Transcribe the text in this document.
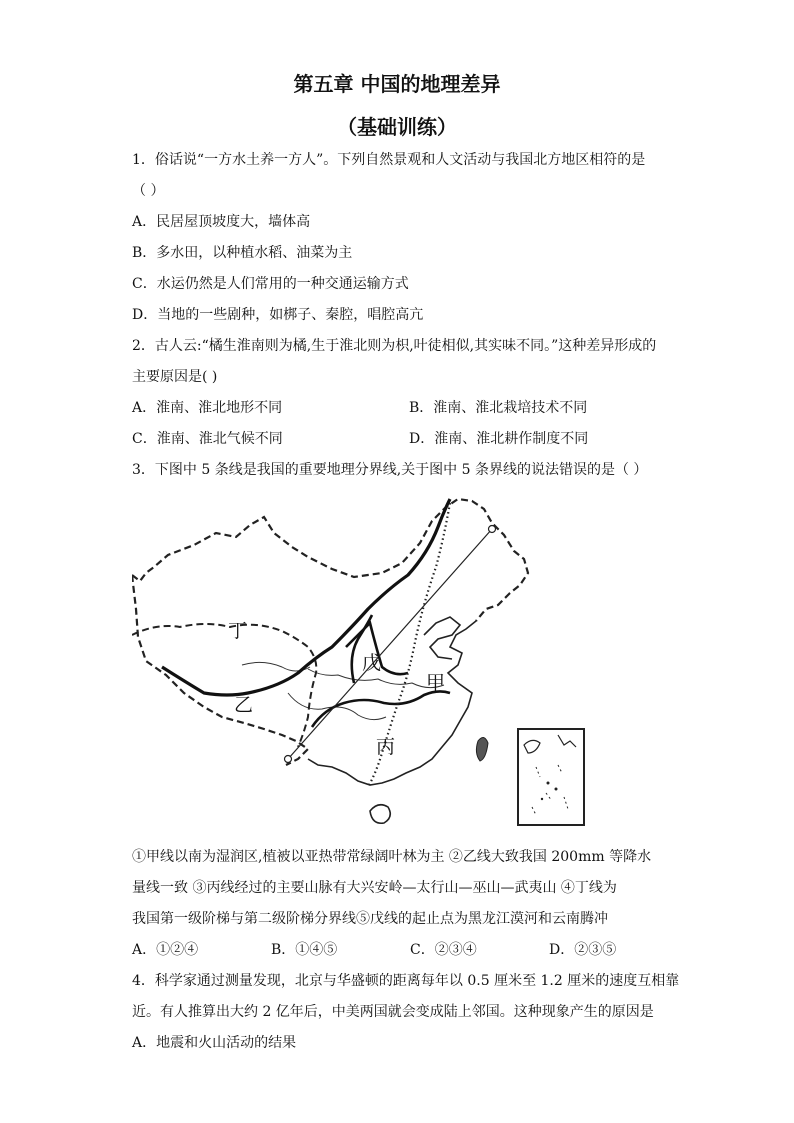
第五章 中国的地理差异
（基础训练）
1．俗话说“一方水土养一方人”。下列自然景观和人文活动与我国北方地区相符的是
（ ）
A．民居屋顶坡度大，墙体高
B．多水田，以种植水稻、油菜为主
C．水运仍然是人们常用的一种交通运输方式
D．当地的一些剧种，如梆子、秦腔，唱腔高亢
2．古人云:“橘生淮南则为橘,生于淮北则为枳,叶徒相似,其实味不同。”这种差异形成的
主要原因是( )
A．淮南、淮北地形不同	B．淮南、淮北栽培技术不同
C．淮南、淮北气候不同	D．淮南、淮北耕作制度不同
3．下图中 5 条线是我国的重要地理分界线,关于图中 5 条界线的说法错误的是（ ）
丁
戊
甲
乙
丙
①甲线以南为湿润区,植被以亚热带常绿阔叶林为主 ②乙线大致我国 200mm 等降水
量线一致 ③丙线经过的主要山脉有大兴安岭—太行山—巫山—武夷山 ④丁线为
我国第一级阶梯与第二级阶梯分界线⑤戊线的起止点为黑龙江漠河和云南腾冲
A．①②④	B．①④⑤	C．②③④	D．②③⑤
4．科学家通过测量发现，北京与华盛顿的距离每年以 0.5 厘米至 1.2 厘米的速度互相靠
近。有人推算出大约 2 亿年后，中美两国就会变成陆上邻国。这种现象产生的原因是
A．地震和火山活动的结果
